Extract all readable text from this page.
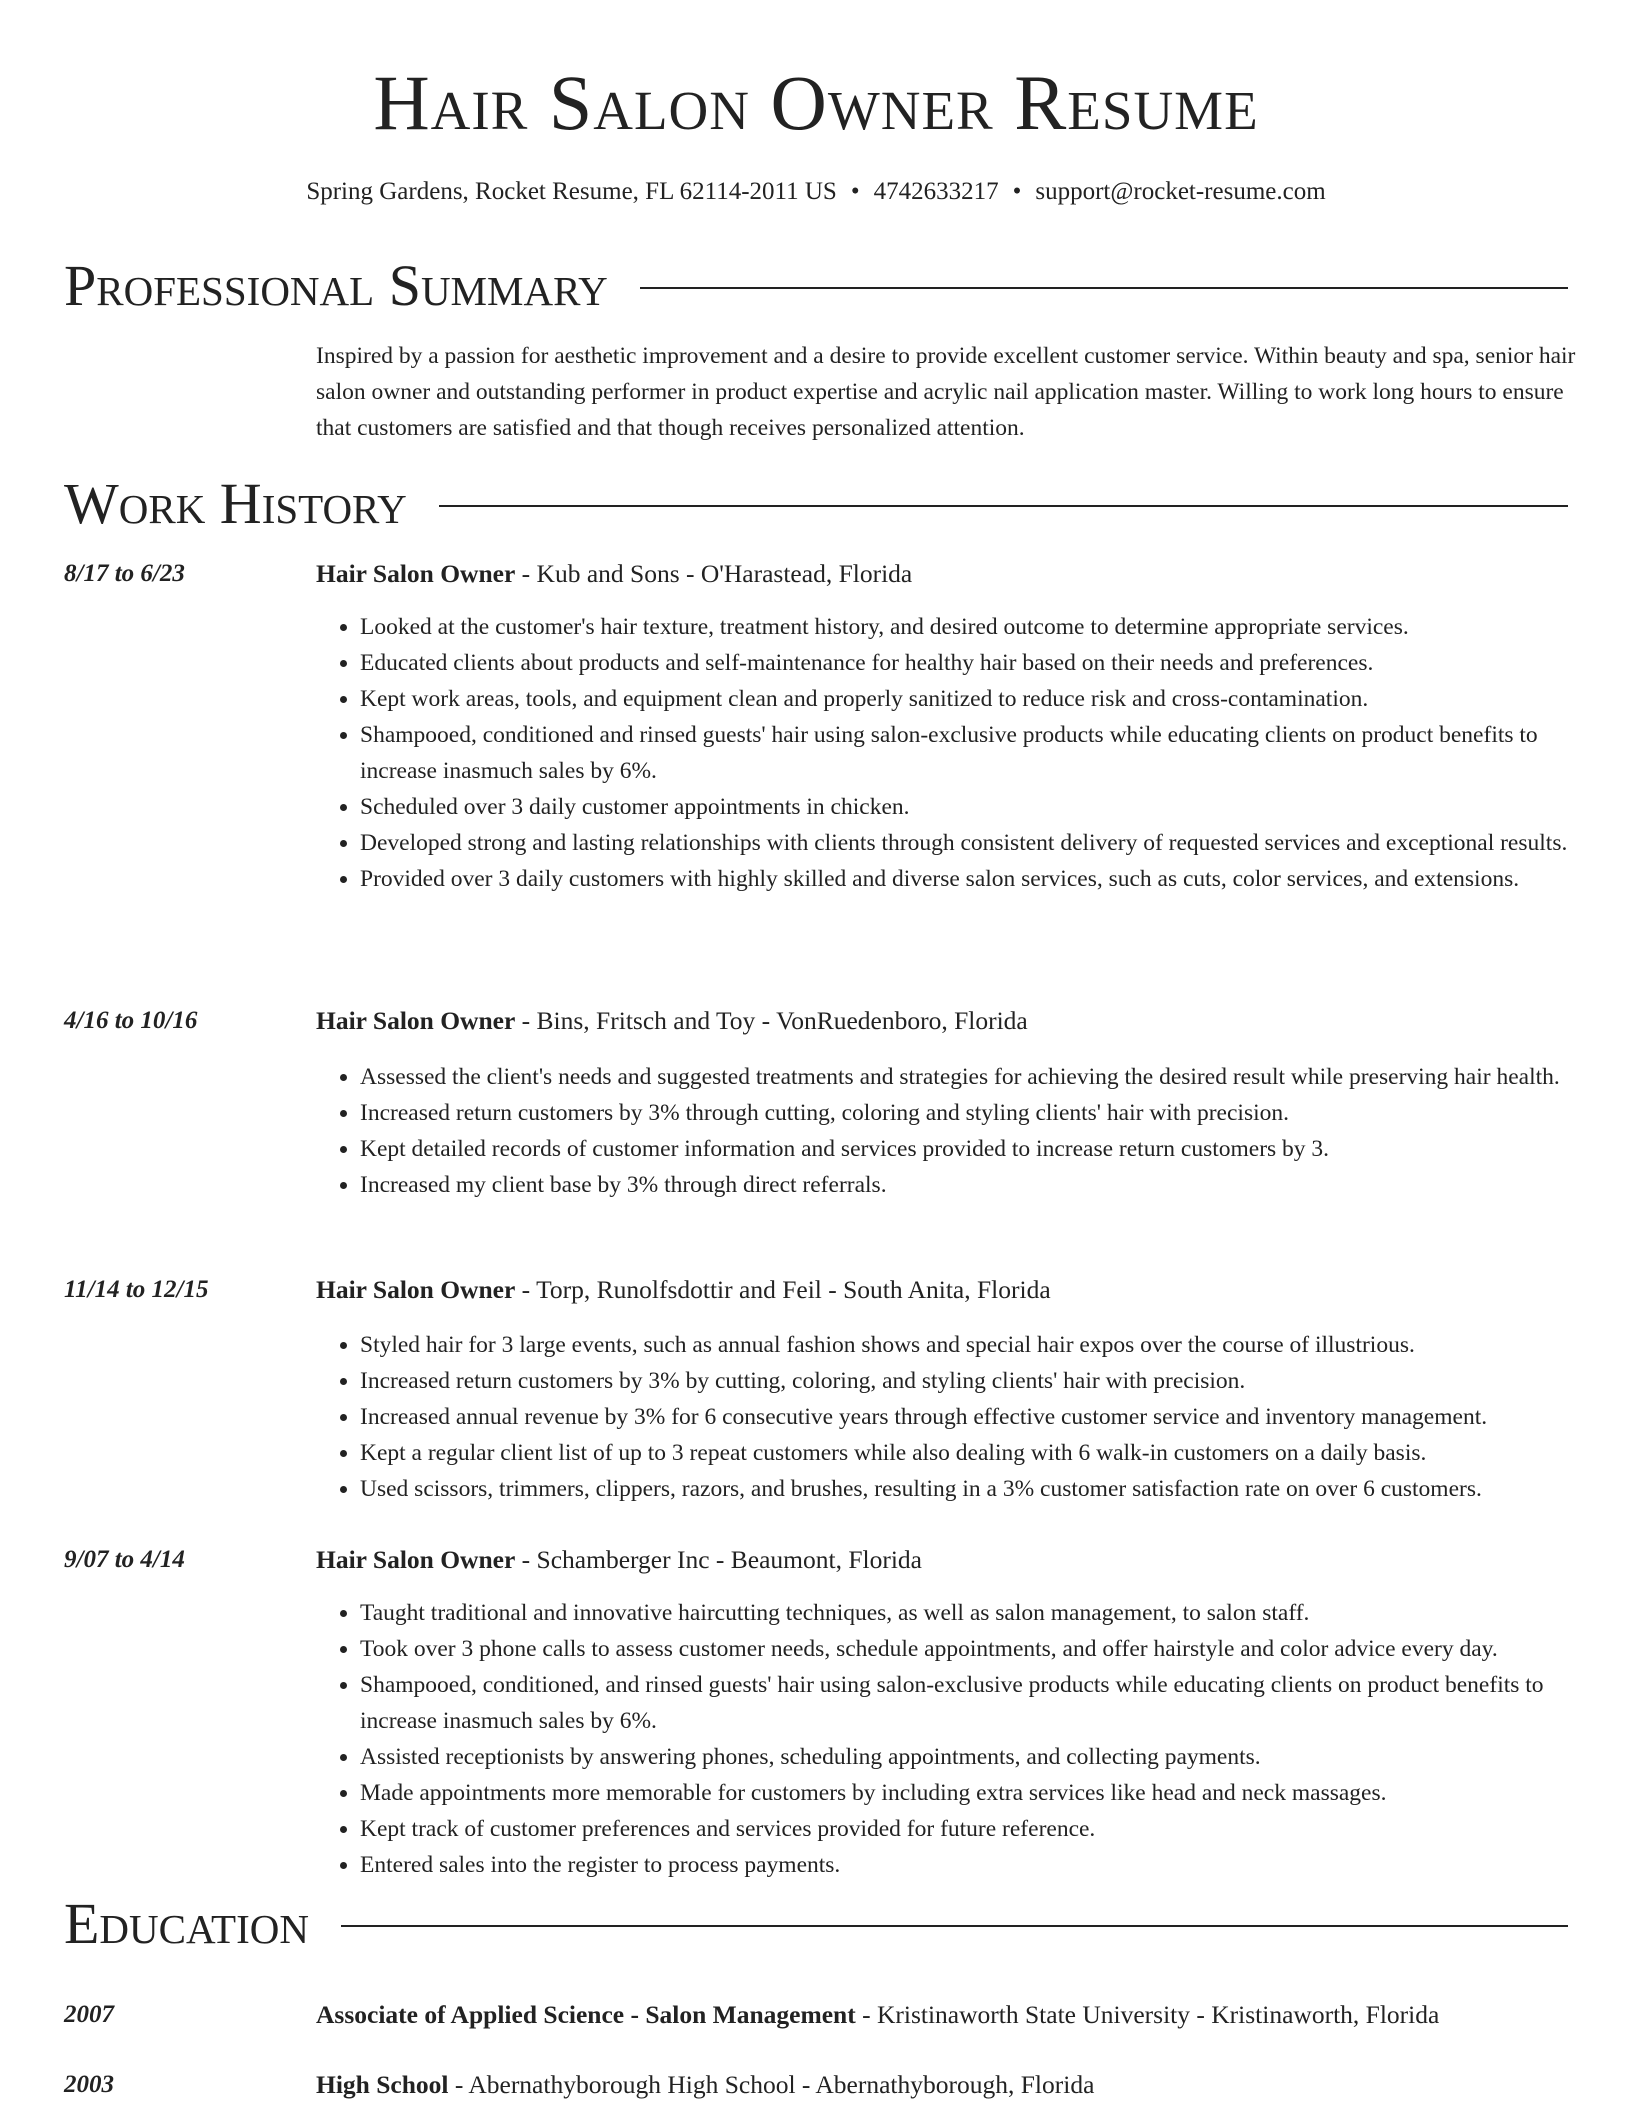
Hair Salon Owner Resume
Spring Gardens, Rocket Resume, FL 62114-2011 US • 4742633217 • support@rocket-resume.com
Professional Summary

Inspired by a passion for aesthetic improvement and a desire to provide excellent customer service. Within beauty and spa, senior hair salon owner and outstanding performer in product expertise and acrylic nail application master. Willing to work long hours to ensure that customers are satisfied and that though receives personalized attention.

Work History
8/17 to 6/23	Hair Salon Owner - Kub and Sons - O'Harastead, Florida
• Looked at the customer's hair texture, treatment history, and desired outcome to determine appropriate services.
• Educated clients about products and self-maintenance for healthy hair based on their needs and preferences.
• Kept work areas, tools, and equipment clean and properly sanitized to reduce risk and cross-contamination.
• Shampooed, conditioned and rinsed guests' hair using salon-exclusive products while educating clients on product benefits to increase inasmuch sales by 6%.
• Scheduled over 3 daily customer appointments in chicken.
• Developed strong and lasting relationships with clients through consistent delivery of requested services and exceptional results.
• Provided over 3 daily customers with highly skilled and diverse salon services, such as cuts, color services, and extensions.
4/16 to 10/16	Hair Salon Owner - Bins, Fritsch and Toy - VonRuedenboro, Florida
• Assessed the client's needs and suggested treatments and strategies for achieving the desired result while preserving hair health.
• Increased return customers by 3% through cutting, coloring and styling clients' hair with precision.
• Kept detailed records of customer information and services provided to increase return customers by 3.
• Increased my client base by 3% through direct referrals.
11/14 to 12/15	Hair Salon Owner - Torp, Runolfsdottir and Feil - South Anita, Florida
• Styled hair for 3 large events, such as annual fashion shows and special hair expos over the course of illustrious.
• Increased return customers by 3% by cutting, coloring, and styling clients' hair with precision.
• Increased annual revenue by 3% for 6 consecutive years through effective customer service and inventory management.
• Kept a regular client list of up to 3 repeat customers while also dealing with 6 walk-in customers on a daily basis.
• Used scissors, trimmers, clippers, razors, and brushes, resulting in a 3% customer satisfaction rate on over 6 customers.
9/07 to 4/14	Hair Salon Owner - Schamberger Inc - Beaumont, Florida
• Taught traditional and innovative haircutting techniques, as well as salon management, to salon staff.
• Took over 3 phone calls to assess customer needs, schedule appointments, and offer hairstyle and color advice every day.
• Shampooed, conditioned, and rinsed guests' hair using salon-exclusive products while educating clients on product benefits to increase inasmuch sales by 6%.
• Assisted receptionists by answering phones, scheduling appointments, and collecting payments.
• Made appointments more memorable for customers by including extra services like head and neck massages.
• Kept track of customer preferences and services provided for future reference.
• Entered sales into the register to process payments.
Education
2007	Associate of Applied Science - Salon Management - Kristinaworth State University - Kristinaworth, Florida
2003	High School - Abernathyborough High School - Abernathyborough, Florida
